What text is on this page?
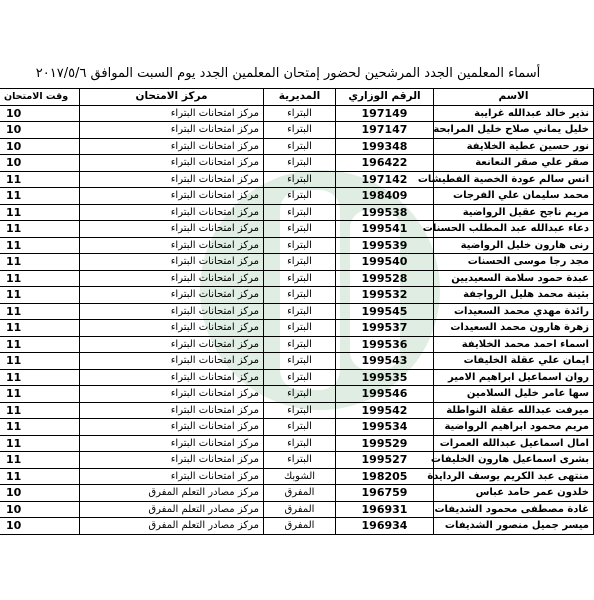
أسماء المعلمين الجدد المرشحين لحضور إمتحان المعلمين الجدد يوم السبت الموافق ٢٠١٧/٥/٦
الاسم	الرقم الوزاري	المديرية	مركز الامتحان	وقت الامتحان
نذير خالد عبدالله غرايبة	197149	البتراء	مركز امتحانات البتراء	10
خليل يماني صلاح خليل المرابحة	197147	البتراء	مركز امتحانات البتراء	10
نور حسين عطية الخلايفة	199348	البتراء	مركز امتحانات البتراء	10
صقر علي صقر النعانعة	196422	البتراء	مركز امتحانات البتراء	10
انس سالم عودة الخصية الفطيشات	197142	البتراء	مركز امتحانات البتراء	11
محمد سليمان علي الفرجات	198409	البتراء	مركز امتحانات البتراء	11
مريم ناجح عقيل الرواضية	199538	البتراء	مركز امتحانات البتراء	11
دعاء عبدالله عبد المطلب الحسنات	199541	البتراء	مركز امتحانات البتراء	11
رنى هارون خليل الرواضية	199539	البتراء	مركز امتحانات البتراء	11
مجد رجا موسى الحسنات	199540	البتراء	مركز امتحانات البتراء	11
عبدة حمود سلامة السعيديين	199528	البتراء	مركز امتحانات البتراء	11
بثينة محمد هليل الرواجفة	199532	البتراء	مركز امتحانات البتراء	11
رائدة مهدي محمد السعيدات	199545	البتراء	مركز امتحانات البتراء	11
زهرة هارون محمد السعيدات	199537	البتراء	مركز امتحانات البتراء	11
اسماء احمد محمد الخلايفة	199536	البتراء	مركز امتحانات البتراء	11
ايمان علي عقلة الخليفات	199543	البتراء	مركز امتحانات البتراء	11
روان اسماعيل ابراهيم الامير	199535	البتراء	مركز امتحانات البتراء	11
سها عامر خليل السلامين	199546	البتراء	مركز امتحانات البتراء	11
ميرفت عبدالله عقلة النواطلة	199542	البتراء	مركز امتحانات البتراء	11
مريم محمود ابراهيم الرواضية	199534	البتراء	مركز امتحانات البتراء	11
امال اسماعيل عبدالله العمرات	199529	البتراء	مركز امتحانات البتراء	11
بشرى اسماعيل هارون الخليفات	199527	البتراء	مركز امتحانات البتراء	11
منتهى عبد الكريم يوسف الردايدة	198205	الشوبك	مركز امتحانات البتراء	11
خلدون عمر حامد عباس	196759	المفرق	مركز مصادر التعلم المفرق	10
غادة مصطفى محمود الشديفات	196931	المفرق	مركز مصادر التعلم المفرق	10
ميسر جميل منصور الشديفات	196934	المفرق	مركز مصادر التعلم المفرق	10
